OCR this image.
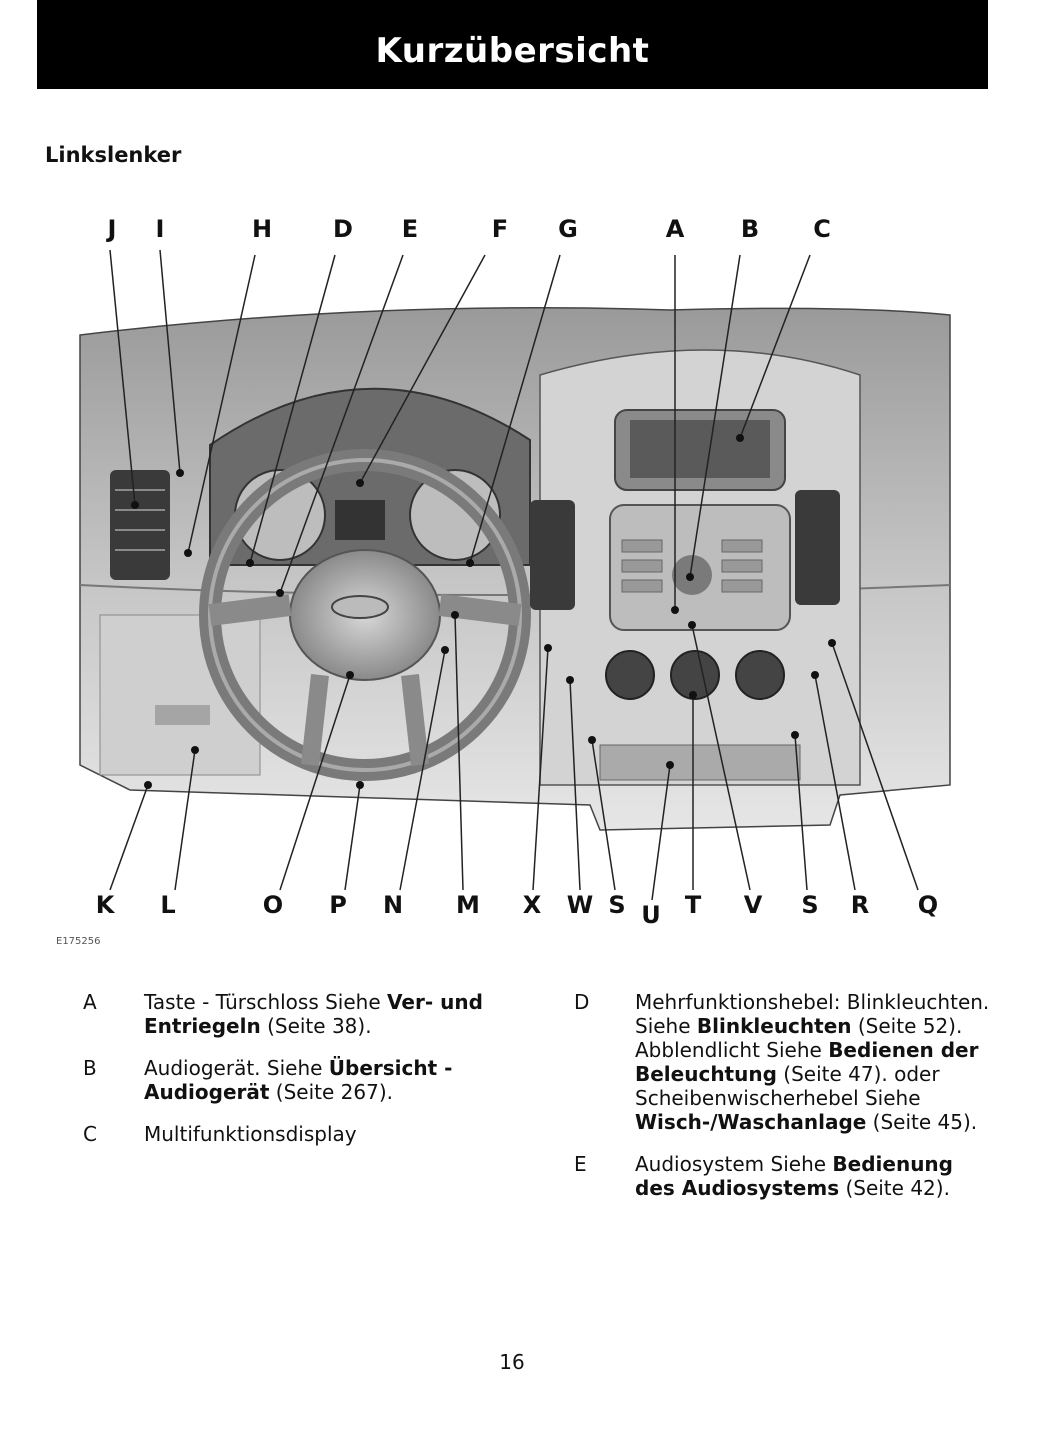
Kurzübersicht
Linkslenker
J I	H	D E	F G	A B C
K L	O P N M X W S U T V S R Q
E175256
A	Taste - Türschloss Siehe Ver- und Entriegeln (Seite 38).
B	Audiogerät. Siehe Übersicht - Audiogerät (Seite 267).
C	Multifunktionsdisplay
D	Mehrfunktionshebel: Blinkleuchten. Siehe Blinkleuchten (Seite 52). Abblendlicht Siehe Bedienen der Beleuchtung (Seite 47). oder Scheibenwischerhebel Siehe Wisch-/Waschanlage (Seite 45).
E	Audiosystem Siehe Bedienung des Audiosystems (Seite 42).
16
